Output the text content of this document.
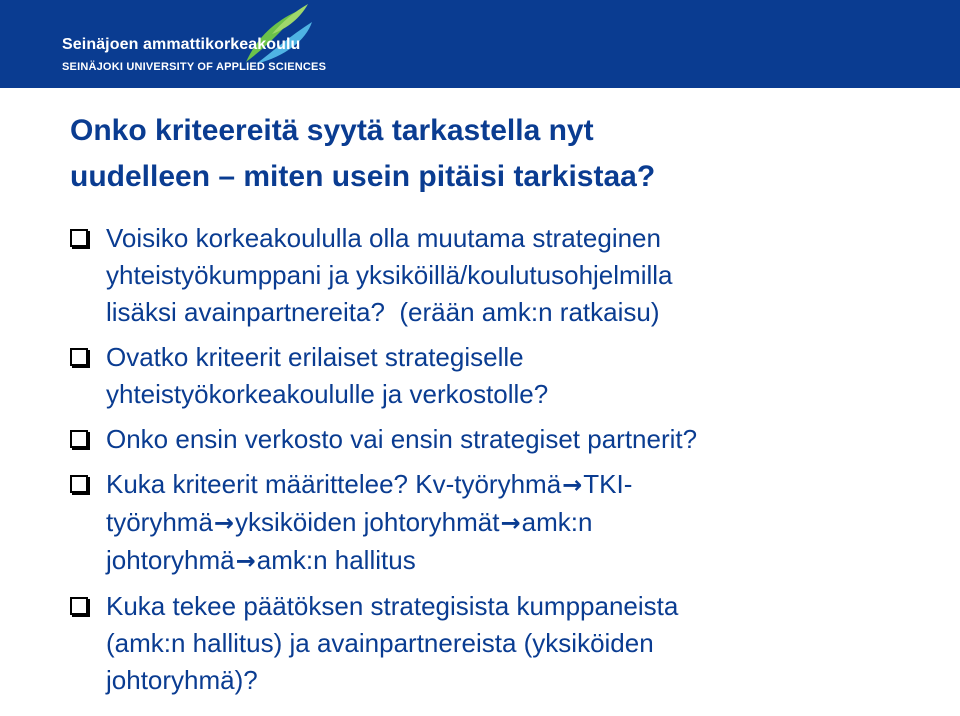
Seinäjoen ammattikorkeakoulu
SEINÄJOKI UNIVERSITY OF APPLIED SCIENCES
Onko kriteereitä syytä tarkastella nyt
uudelleen – miten usein pitäisi tarkistaa?
Voisiko korkeakoululla olla muutama strateginen
yhteistyökumppani ja yksiköillä/koulutusohjelmilla
lisäksi avainpartnereita?  (erään amk:n ratkaisu)
Ovatko kriteerit erilaiset strategiselle
yhteistyökorkeakoululle ja verkostolle?
Onko ensin verkosto vai ensin strategiset partnerit?
Kuka kriteerit määrittelee? Kv-työryhmä→TKI-
työryhmä→yksiköiden johtoryhmät→amk:n
johtoryhmä→amk:n hallitus
Kuka tekee päätöksen strategisista kumppaneista
(amk:n hallitus) ja avainpartnereista (yksiköiden
johtoryhmä)?
